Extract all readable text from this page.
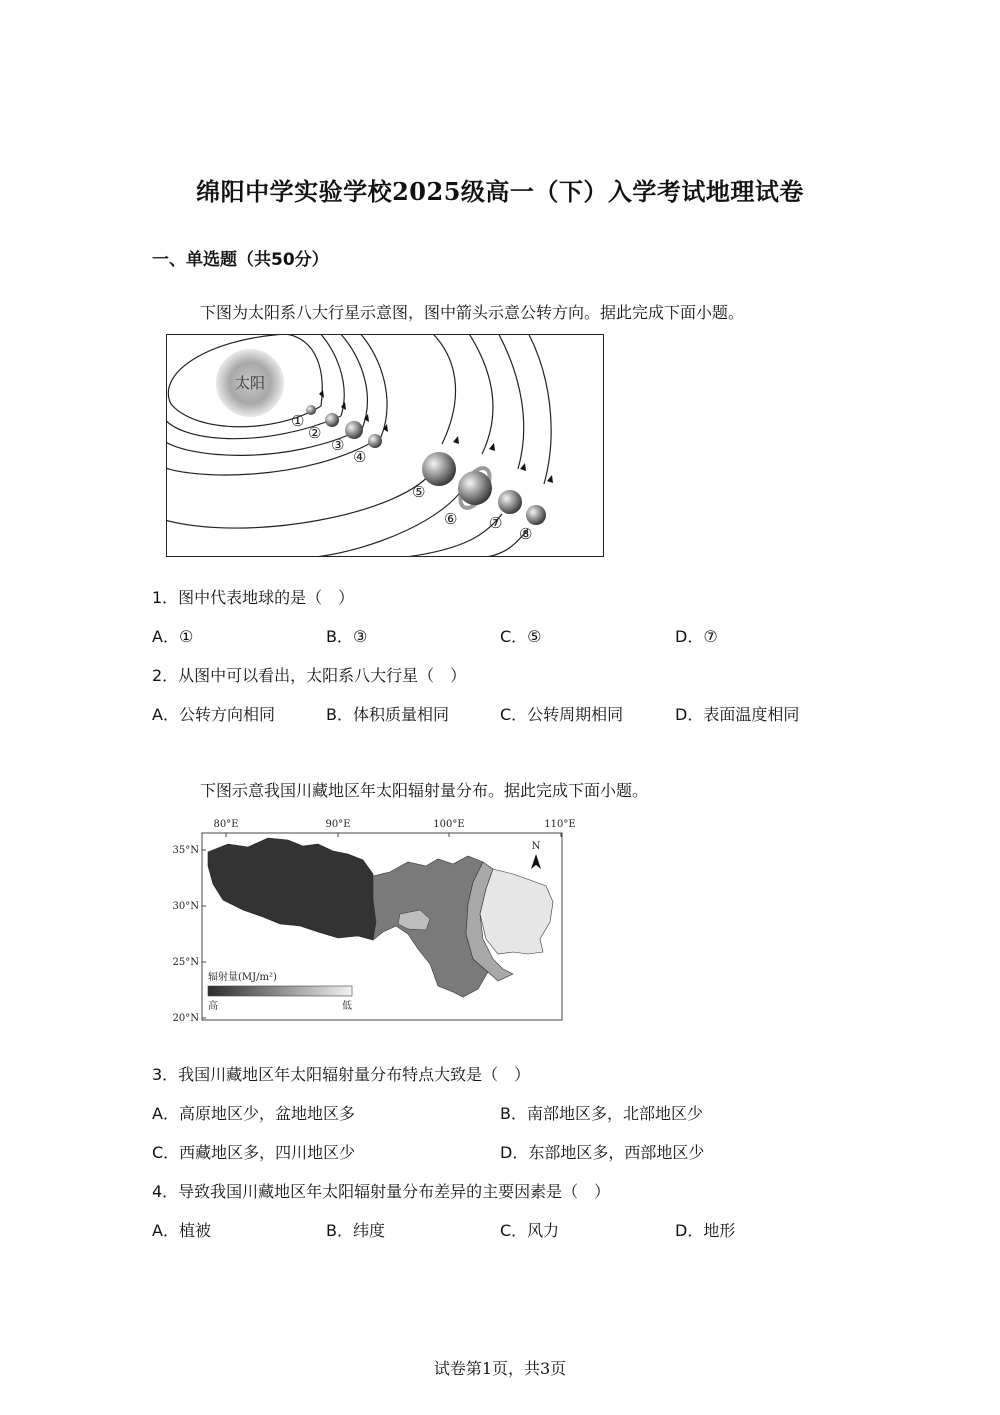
绵阳中学实验学校2025级高一（下）入学考试地理试卷
一、单选题（共50分）
下图为太阳系八大行星示意图，图中箭头示意公转方向。据此完成下面小题。
太阳
①
②
③
④
⑤
⑥ ⑦
⑧
1．图中代表地球的是（　）
A．①	B．③	C．⑤	D．⑦
2．从图中可以看出，太阳系八大行星（　）
A．公转方向相同	B．体积质量相同	C．公转周期相同	D．表面温度相同
下图示意我国川藏地区年太阳辐射量分布。据此完成下面小题。
80°E	90°E	100°E	110°E
35°N
30°N
25°N
20°N
N
辐射量(MJ/m²)
高	低
3．我国川藏地区年太阳辐射量分布特点大致是（　）
A．高原地区少，盆地地区多	B．南部地区多，北部地区少
C．西藏地区多，四川地区少	D．东部地区多，西部地区少
4．导致我国川藏地区年太阳辐射量分布差异的主要因素是（　）
A．植被	B．纬度	C．风力	D．地形
试卷第1页，共3页
